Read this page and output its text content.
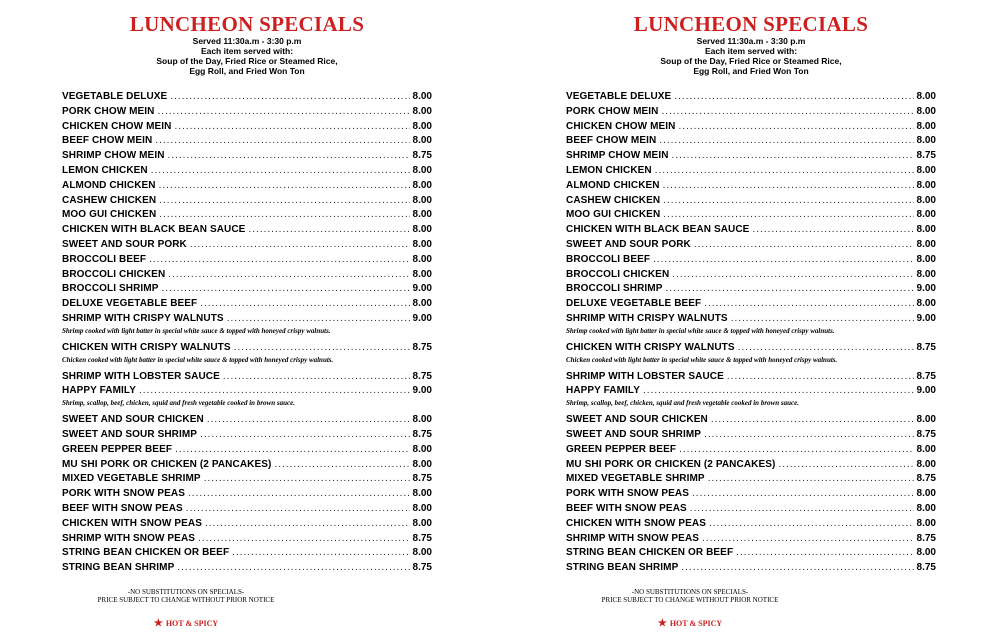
LUNCHEON SPECIALS
Served 11:30a.m - 3:30 p.m
Each item served with:
Soup of the Day, Fried Rice or Steamed Rice,
Egg Roll, and Fried Won Ton
VEGETABLE DELUXE .....	8.00
PORK CHOW MEIN .....	8.00
CHICKEN CHOW MEIN .....	8.00
BEEF CHOW MEIN .....	8.00
SHRIMP CHOW MEIN .....	8.75
LEMON CHICKEN .....	8.00
ALMOND CHICKEN .....	8.00
CASHEW CHICKEN .....	8.00
MOO GUI CHICKEN .....	8.00
CHICKEN WITH BLACK BEAN SAUCE .....	8.00
SWEET AND SOUR PORK .....	8.00
BROCCOLI BEEF .....	8.00
BROCCOLI CHICKEN .....	8.00
BROCCOLI SHRIMP .....	9.00
DELUXE VEGETABLE BEEF .....	8.00
SHRIMP WITH CRISPY WALNUTS .....	9.00
Shrimp cooked with light batter in special white sauce & topped with honeyed crispy walnuts.
CHICKEN WITH CRISPY WALNUTS .....	8.75
Chicken cooked with light batter in special white sauce & topped with honeyed crispy walnuts.
SHRIMP WITH LOBSTER SAUCE .....	8.75
HAPPY FAMILY .....	9.00
Shrimp, scallop, beef, chicken, squid and fresh vegetable cooked in brown sauce.
SWEET AND SOUR CHICKEN .....	8.00
SWEET AND SOUR SHRIMP .....	8.75
GREEN PEPPER BEEF .....	8.00
MU SHI PORK OR CHICKEN (2 PANCAKES) .....	8.00
MIXED VEGETABLE SHRIMP .....	8.75
PORK WITH SNOW PEAS .....	8.00
BEEF WITH SNOW PEAS .....	8.00
CHICKEN WITH SNOW PEAS .....	8.00
SHRIMP WITH SNOW PEAS .....	8.75
STRING BEAN CHICKEN OR BEEF .....	8.00
STRING BEAN SHRIMP .....	8.75
-NO SUBSTITUTIONS ON SPECIALS-
PRICE SUBJECT TO CHANGE WITHOUT PRIOR NOTICE
★ HOT & SPICY
LUNCHEON SPECIALS
Served 11:30a.m - 3:30 p.m
Each item served with:
Soup of the Day, Fried Rice or Steamed Rice,
Egg Roll, and Fried Won Ton
VEGETABLE DELUXE .....	8.00
PORK CHOW MEIN .....	8.00
CHICKEN CHOW MEIN .....	8.00
BEEF CHOW MEIN .....	8.00
SHRIMP CHOW MEIN .....	8.75
LEMON CHICKEN .....	8.00
ALMOND CHICKEN .....	8.00
CASHEW CHICKEN .....	8.00
MOO GUI CHICKEN .....	8.00
CHICKEN WITH BLACK BEAN SAUCE .....	8.00
SWEET AND SOUR PORK .....	8.00
BROCCOLI BEEF .....	8.00
BROCCOLI CHICKEN .....	8.00
BROCCOLI SHRIMP .....	9.00
DELUXE VEGETABLE BEEF .....	8.00
SHRIMP WITH CRISPY WALNUTS .....	9.00
Shrimp cooked with light batter in special white sauce & topped with honeyed crispy walnuts.
CHICKEN WITH CRISPY WALNUTS .....	8.75
Chicken cooked with light batter in special white sauce & topped with honeyed crispy walnuts.
SHRIMP WITH LOBSTER SAUCE .....	8.75
HAPPY FAMILY .....	9.00
Shrimp, scallop, beef, chicken, squid and fresh vegetable cooked in brown sauce.
SWEET AND SOUR CHICKEN .....	8.00
SWEET AND SOUR SHRIMP .....	8.75
GREEN PEPPER BEEF .....	8.00
MU SHI PORK OR CHICKEN (2 PANCAKES) .....	8.00
MIXED VEGETABLE SHRIMP .....	8.75
PORK WITH SNOW PEAS .....	8.00
BEEF WITH SNOW PEAS .....	8.00
CHICKEN WITH SNOW PEAS .....	8.00
SHRIMP WITH SNOW PEAS .....	8.75
STRING BEAN CHICKEN OR BEEF .....	8.00
STRING BEAN SHRIMP .....	8.75
-NO SUBSTITUTIONS ON SPECIALS-
PRICE SUBJECT TO CHANGE WITHOUT PRIOR NOTICE
★ HOT & SPICY
